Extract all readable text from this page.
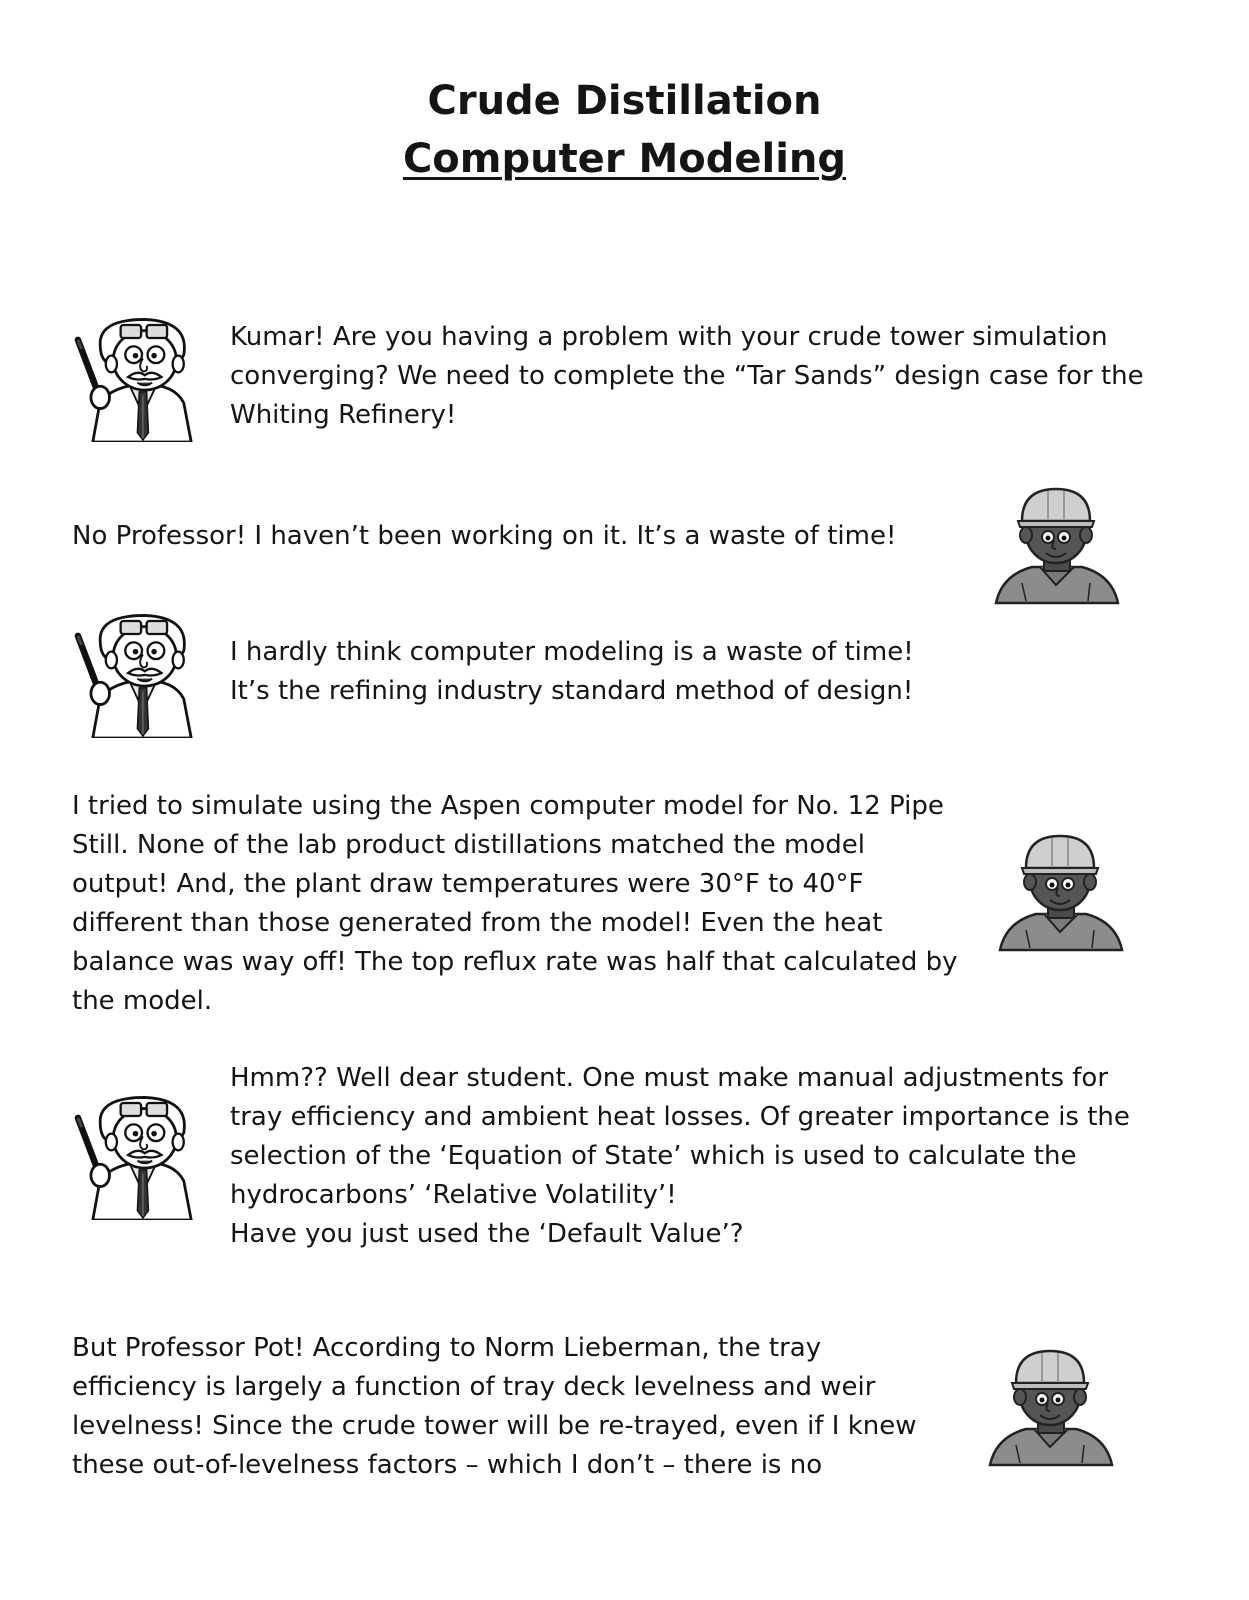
Crude Distillation
Computer Modeling
Kumar! Are you having a problem with your crude tower simulation
converging? We need to complete the “Tar Sands” design case for the
Whiting Refinery!
No Professor! I haven’t been working on it. It’s a waste of time!
I hardly think computer modeling is a waste of time!
It’s the refining industry standard method of design!
I tried to simulate using the Aspen computer model for No. 12 Pipe
Still. None of the lab product distillations matched the model
output! And, the plant draw temperatures were 30°F to 40°F
different than those generated from the model! Even the heat
balance was way off! The top reflux rate was half that calculated by
the model.
Hmm?? Well dear student. One must make manual adjustments for
tray efficiency and ambient heat losses. Of greater importance is the
selection of the ‘Equation of State’ which is used to calculate the
hydrocarbons’ ‘Relative Volatility’!
Have you just used the ‘Default Value’?
But Professor Pot! According to Norm Lieberman, the tray
efficiency is largely a function of tray deck levelness and weir
levelness! Since the crude tower will be re-trayed, even if I knew
these out-of-levelness factors – which I don’t – there is no
